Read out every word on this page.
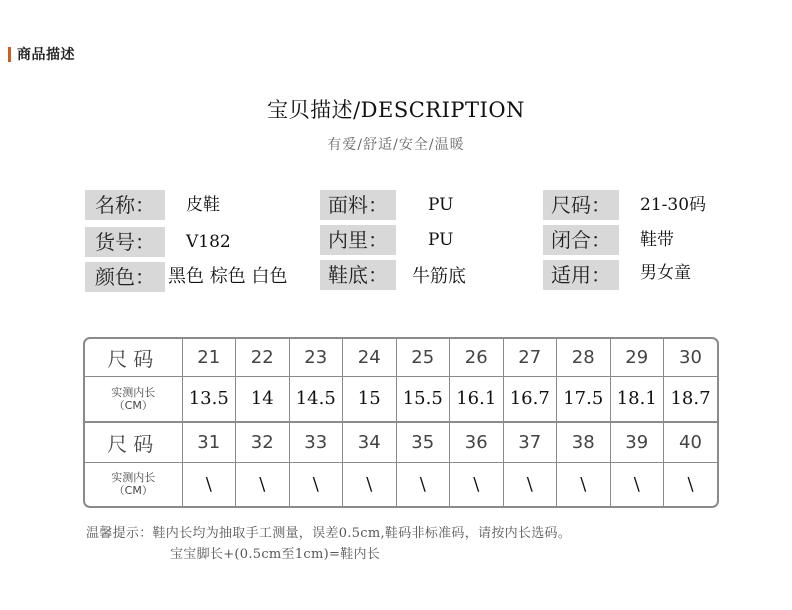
商品描述
宝贝描述/DESCRIPTION
有爱/舒适/安全/温暖
名称：	皮鞋
货号：	V182
颜色： 黑色 棕色 白色
面料：	PU
内里：	PU
鞋底：	牛筋底
尺码：	21-30码
闭合：	鞋带
适用：	男女童
尺码	21	22	23	24	25	26	27	28	29	30

实测内长
（CM）	13.5	14	14.5	15	15.5	16.1	16.7	17.5	18.1	18.7
尺码	31	32	33	34	35	36	37	38	39	40

实测内长
（CM）	\	\	\	\	\	\	\	\	\	\
温馨提示：鞋内长均为抽取手工测量，误差0.5cm,鞋码非标准码，请按内长选码。
宝宝脚长+(0.5cm至1cm)=鞋内长
